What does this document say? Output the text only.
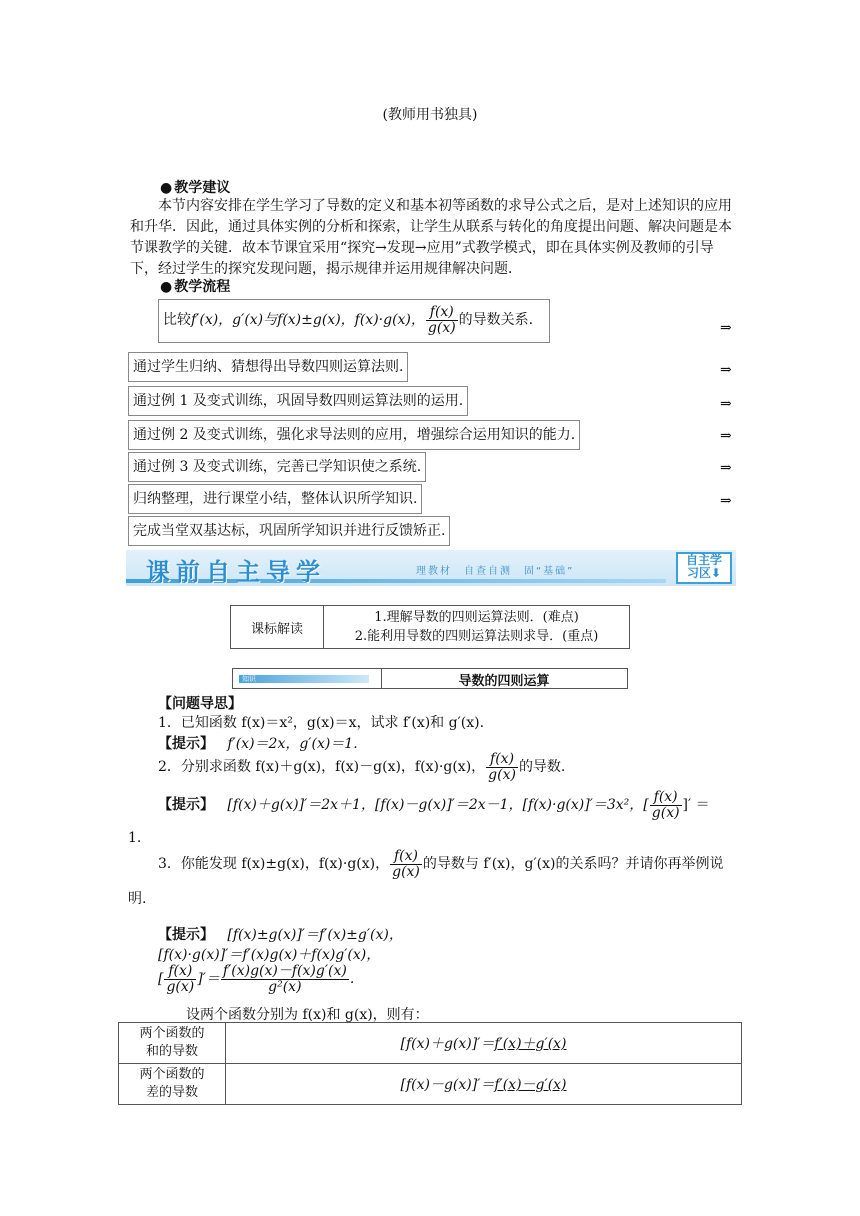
(教师用书独具)
● 教学建议
本节内容安排在学生学习了导数的定义和基本初等函数的求导公式之后，是对上述知识的应用和升华．因此，通过具体实例的分析和探索，让学生从联系与转化的角度提出问题、解决问题是本节课教学的关键．故本节课宜采用“探究→发现→应用”式教学模式，即在具体实例及教师的引导下，经过学生的探究发现问题，揭示规律并运用规律解决问题．
● 教学流程
比较f′(x)，g′(x)与f(x)±g(x)，f(x)·g(x)， $\frac{f(x)}{g(x)}$ 的导数关系.	⇒
通过学生归纳、猜想得出导数四则运算法则.	⇒
通过例 1 及变式训练，巩固导数四则运算法则的运用.	⇒
通过例 2 及变式训练，强化求导法则的应用，增强综合运用知识的能力.	⇒
通过例 3 及变式训练，完善已学知识使之系统.	⇒
归纳整理，进行课堂小结，整体认识所学知识.	⇒
完成当堂双基达标，巩固所学知识并进行反馈矫正.
课前自主导学	理教材　自查自测　固“基础”
自主学
习区⬇
课标解读	
1.理解导数的四则运算法则．(难点)
2.能利用导数的四则运算法则求导．(重点)
知识	导数的四则运算
【问题导思】
1．已知函数 f(x)＝x²，g(x)＝x，试求 f′(x)和 g′(x).
【提示】 f′(x)＝2x，g′(x)＝1.
2．分别求函数 f(x)＋g(x)，f(x)－g(x)，f(x)·g(x)， $\frac{f(x)}{g(x)}$ 的导数.
【提示】 [f(x)＋g(x)]′＝2x＋1，[f(x)－g(x)]′＝2x－1，[f(x)·g(x)]′＝3x²，[ $\frac{f(x)}{g(x)}$ ]′ ＝
1.
3．你能发现 f(x)±g(x)，f(x)·g(x)， $\frac{f(x)}{g(x)}$ 的导数与 f′(x)，g′(x)的关系吗？并请你再举例说
明.
【提示】 [f(x)±g(x)]′＝f′(x)±g′(x)，
[f(x)·g(x)]′＝f′(x)g(x)＋f(x)g′(x)，
[ $\frac{f(x)}{g(x)}$ ]′＝ $\frac{f'(x)g(x)-f(x)g'(x)}{\text{g²(x)}}$ .
设两个函数分别为 f(x)和 g(x)，则有：
两个函数的
和的导数	[f(x)＋g(x)]′＝f′(x)＋g′(x)

两个函数的
差的导数	[f(x)－g(x)]′＝f′(x)－g′(x)
